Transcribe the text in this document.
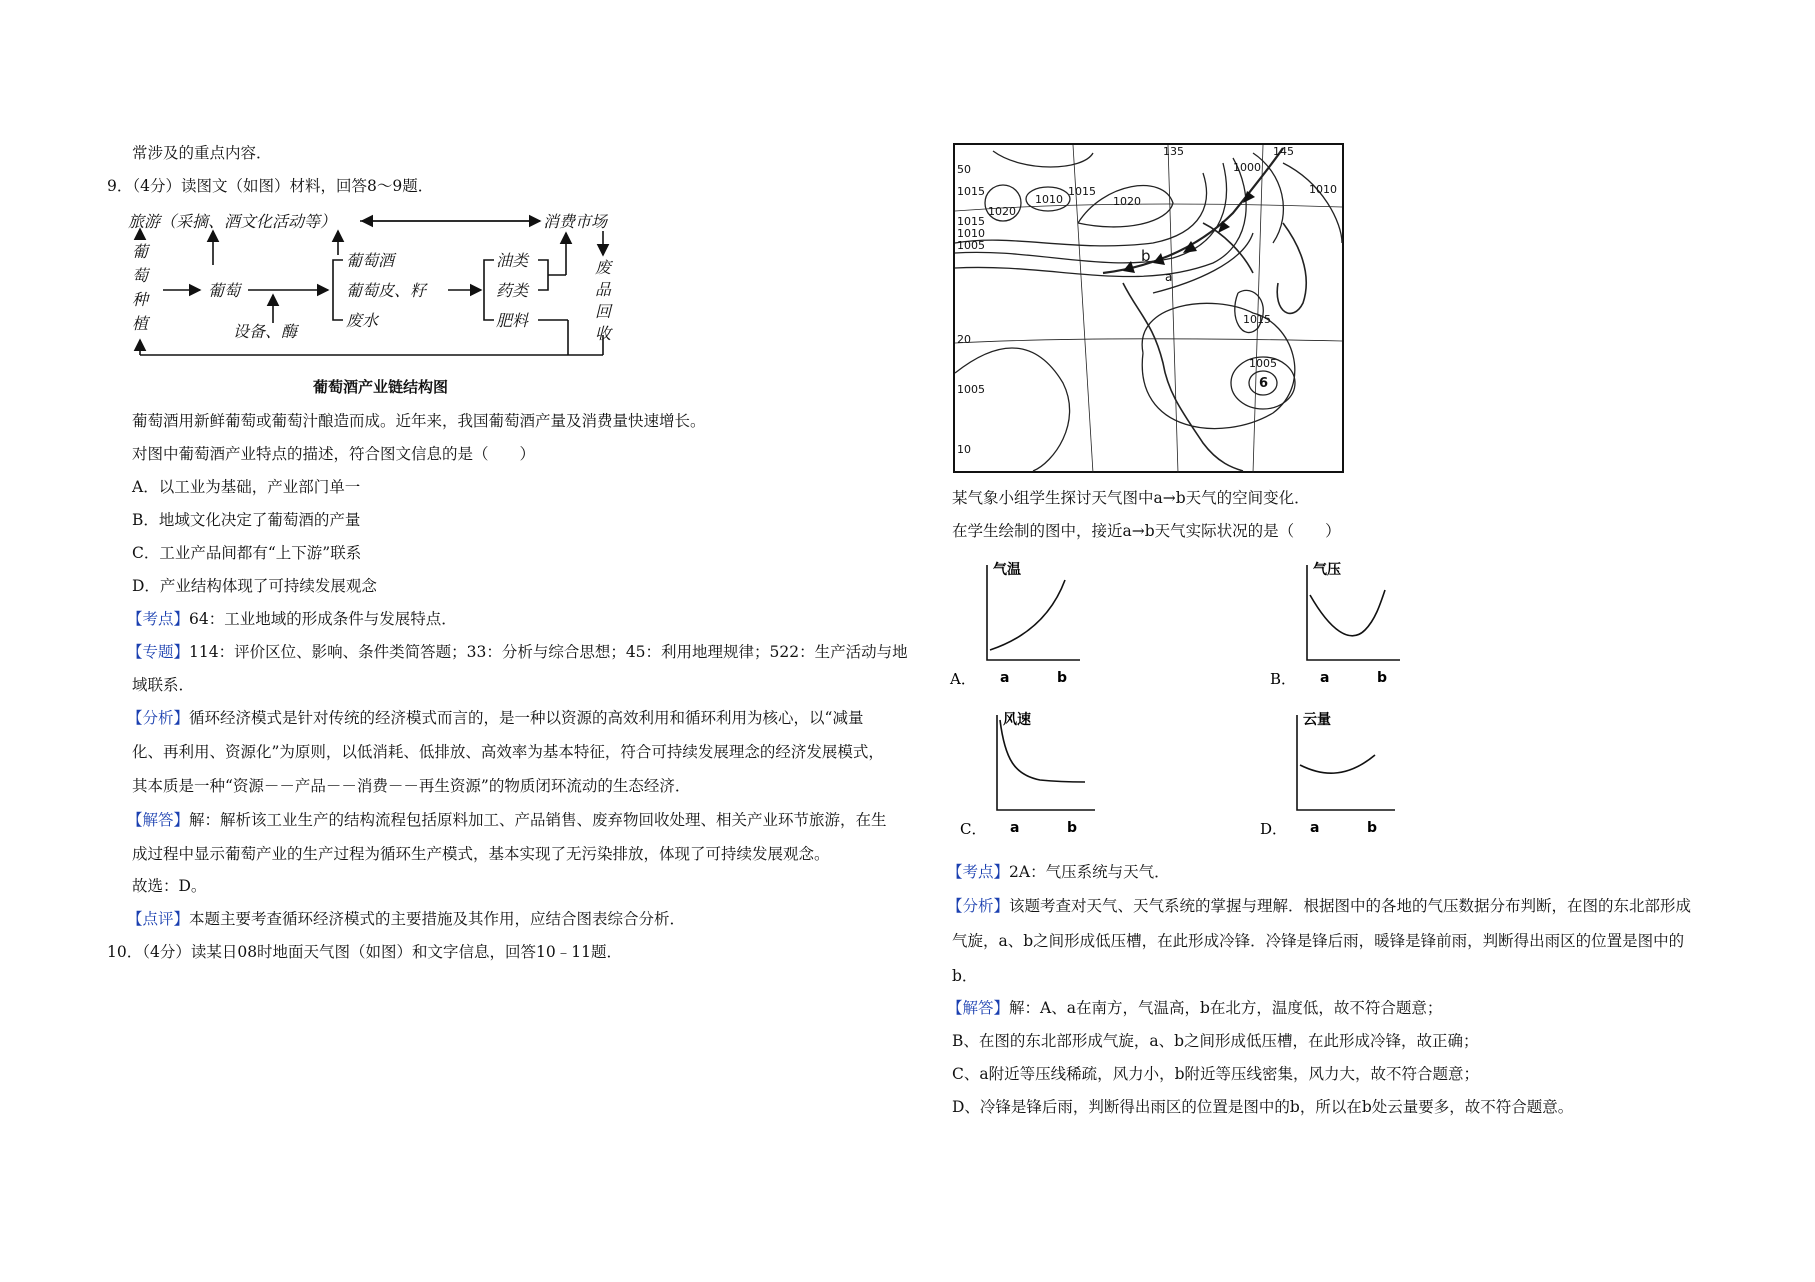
常涉及的重点内容．
9．（4分）读图文（如图）材料，回答8～9题．
旅游（采摘、酒文化活动等）	消费市场
葡
萄
种
植
葡萄
设备、酶
葡萄酒
葡萄皮、籽
废水
油类
药类
肥料
废
品
回
收
葡萄酒产业链结构图
葡萄酒用新鲜葡萄或葡萄汁酿造而成。近年来，我国葡萄酒产量及消费量快速增长。
对图中葡萄酒产业特点的描述，符合图文信息的是（　　）
A．以工业为基础，产业部门单一
B．地域文化决定了葡萄酒的产量
C．工业产品间都有“上下游”联系
D．产业结构体现了可持续发展观念
【考点】64：工业地域的形成条件与发展特点．
【专题】114：评价区位、影响、条件类简答题；33：分析与综合思想；45：利用地理规律；522：生产活动与地
域联系．
【分析】循环经济模式是针对传统的经济模式而言的，是一种以资源的高效利用和循环利用为核心，以“减量
化、再利用、资源化”为原则，以低消耗、低排放、高效率为基本特征，符合可持续发展理念的经济发展模式，
其本质是一种“资源－－产品－－消费－－再生资源”的物质闭环流动的生态经济．
【解答】解：解析该工业生产的结构流程包括原料加工、产品销售、废弃物回收处理、相关产业环节旅游，在生
成过程中显示葡萄产业的生产过程为循环生产模式，基本实现了无污染排放，体现了可持续发展观念。
故选：D。
【点评】本题主要考查循环经济模式的主要措施及其作用，应结合图表综合分析．
10．（4分）读某日08时地面天气图（如图）和文字信息，回答10﹣11题．
50
20
10
135	145
1015
1010
1020
1015
1020
1015
1010
1005
1000
1010
1015
1005
1005	6
b
a
某气象小组学生探讨天气图中a→b天气的空间变化．
在学生绘制的图中，接近a→b天气实际状况的是（　　）
气温
a	b
A．
气压
a	b
B．
风速
a	b
C．
云量
a	b
D．
【考点】2A：气压系统与天气．
【分析】该题考查对天气、天气系统的掌握与理解．根据图中的各地的气压数据分布判断，在图的东北部形成
气旋，a、b之间形成低压槽，在此形成冷锋．冷锋是锋后雨，暖锋是锋前雨，判断得出雨区的位置是图中的
b．
【解答】解：A、a在南方，气温高，b在北方，温度低，故不符合题意；
B、在图的东北部形成气旋，a、b之间形成低压槽，在此形成冷锋，故正确；
C、a附近等压线稀疏，风力小，b附近等压线密集，风力大，故不符合题意；
D、冷锋是锋后雨，判断得出雨区的位置是图中的b，所以在b处云量要多，故不符合题意。
